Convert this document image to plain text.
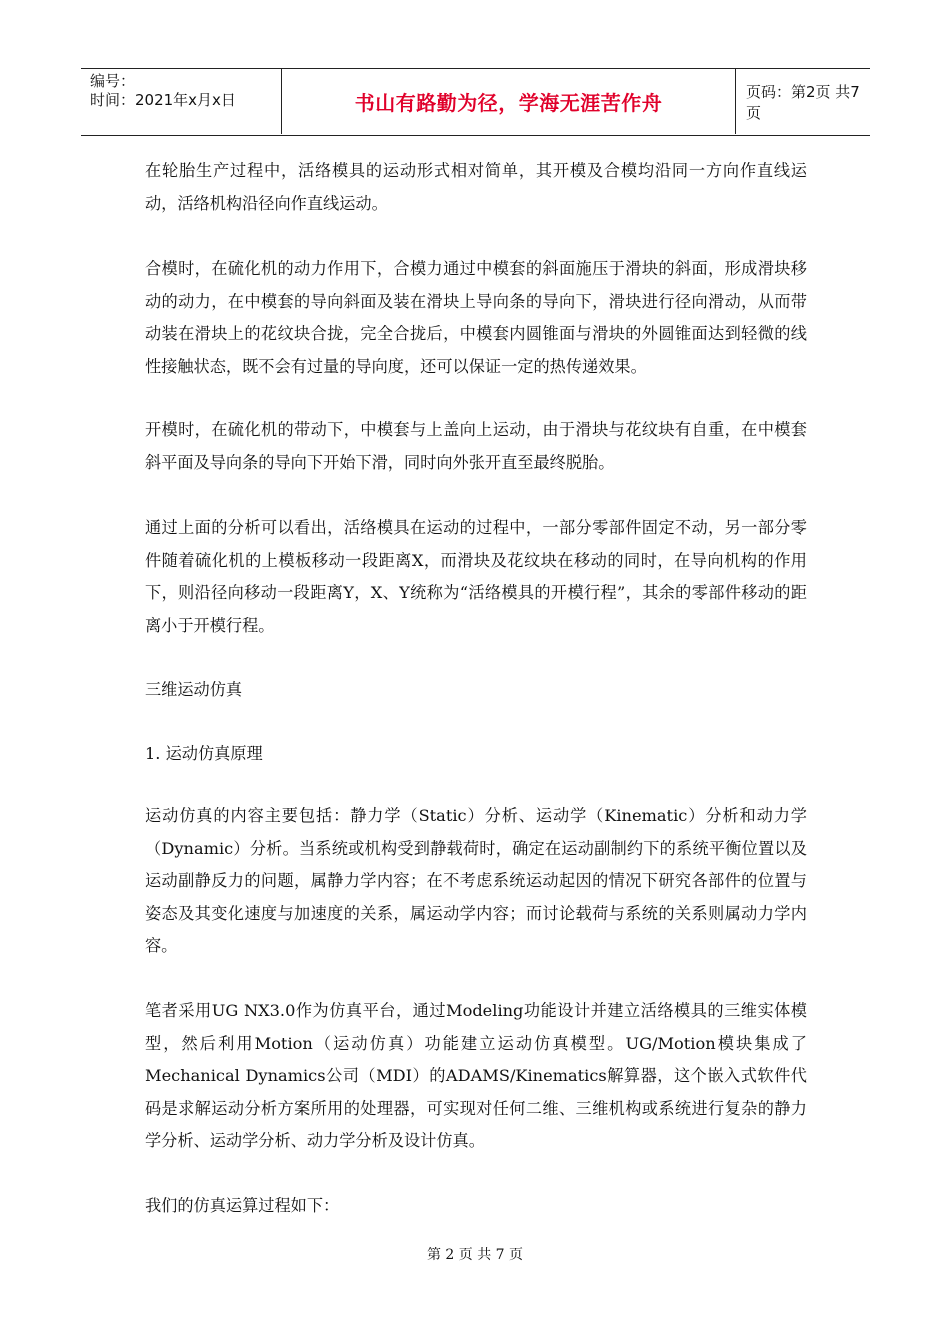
编号：
时间：2021年x月x日	书山有路勤为径，学海无涯苦作舟	页码：第2页 共7页

在轮胎生产过程中，活络模具的运动形式相对简单，其开模及合模均沿同一方向作直线运动，活络机构沿径向作直线运动。

合模时，在硫化机的动力作用下，合模力通过中模套的斜面施压于滑块的斜面，形成滑块移动的动力，在中模套的导向斜面及装在滑块上导向条的导向下，滑块进行径向滑动，从而带动装在滑块上的花纹块合拢，完全合拢后，中模套内圆锥面与滑块的外圆锥面达到轻微的线性接触状态，既不会有过量的导向度，还可以保证一定的热传递效果。

开模时，在硫化机的带动下，中模套与上盖向上运动，由于滑块与花纹块有自重，在中模套斜平面及导向条的导向下开始下滑，同时向外张开直至最终脱胎。

通过上面的分析可以看出，活络模具在运动的过程中，一部分零部件固定不动，另一部分零件随着硫化机的上模板移动一段距离X，而滑块及花纹块在移动的同时，在导向机构的作用下，则沿径向移动一段距离Y，X、Y统称为“活络模具的开模行程”，其余的零部件移动的距离小于开模行程。

三维运动仿真

1. 运动仿真原理

运动仿真的内容主要包括：静力学（Static）分析、运动学（Kinematic）分析和动力学（Dynamic）分析。当系统或机构受到静载荷时，确定在运动副制约下的系统平衡位置以及运动副静反力的问题，属静力学内容；在不考虑系统运动起因的情况下研究各部件的位置与姿态及其变化速度与加速度的关系，属运动学内容；而讨论载荷与系统的关系则属动力学内容。

笔者采用UG NX3.0作为仿真平台，通过Modeling功能设计并建立活络模具的三维实体模型，然后利用Motion（运动仿真）功能建立运动仿真模型。UG/Motion模块集成了Mechanical Dynamics公司（MDI）的ADAMS/Kinematics解算器，这个嵌入式软件代码是求解运动分析方案所用的处理器，可实现对任何二维、三维机构或系统进行复杂的静力学分析、运动学分析、动力学分析及设计仿真。

我们的仿真运算过程如下：

第 2 页 共 7 页
